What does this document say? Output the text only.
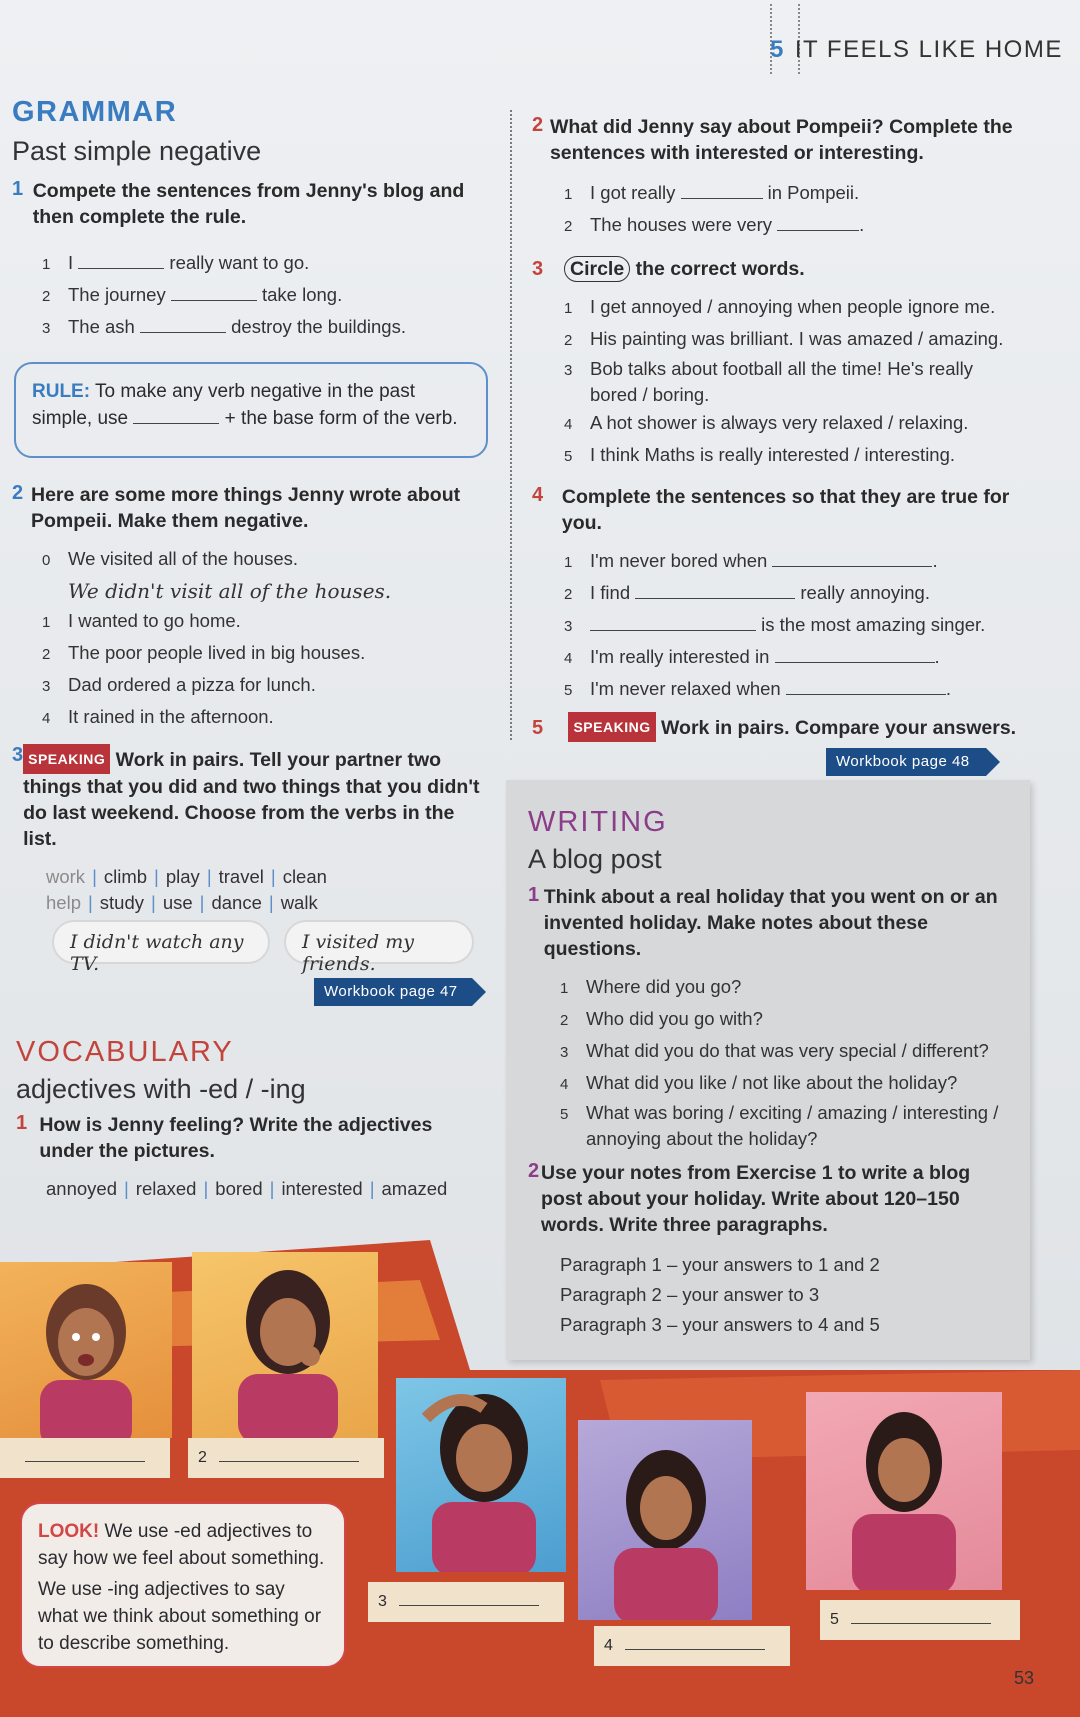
5 IT FEELS LIKE HOME
GRAMMAR
Past simple negative
1 Compete the sentences from Jenny's blog and then complete the rule.
1 I	really want to go.
2 The journey	take long.
3 The ash	destroy the buildings.
RULE: To make any verb negative in the past simple, use	+ the base form of the verb.
2 Here are some more things Jenny wrote about Pompeii. Make them negative.
0 We visited all of the houses.
We didn't visit all of the houses.
1 I wanted to go home.
2 The poor people lived in big houses.
3 Dad ordered a pizza for lunch.
4 It rained in the afternoon.
3 SPEAKING Work in pairs. Tell your partner two things that you did and two things that you didn't do last weekend. Choose from the verbs in the list.
work | climb | play | travel | clean
help | study | use | dance | walk
I didn't watch any TV.
I visited my friends.
Workbook page 47
VOCABULARY
adjectives with -ed / -ing
1 How is Jenny feeling? Write the adjectives under the pictures.
annoyed | relaxed | bored | interested | amazed
2 What did Jenny say about Pompeii? Complete the sentences with interested or interesting.
1 I got really	in Pompeii.
2 The houses were very	.
3	Circle the correct words.
1 I get annoyed / annoying when people ignore me.
2 His painting was brilliant. I was amazed / amazing.
3 Bob talks about football all the time! He's really bored / boring.
4 A hot shower is always very relaxed / relaxing.
5 I think Maths is really interested / interesting.
4 Complete the sentences so that they are true for you.
1 I'm never bored when	.
2 I find	really annoying.
3	is the most amazing singer.
4 I'm really interested in	.
5 I'm never relaxed when	.
5 SPEAKING Work in pairs. Compare your answers.
Workbook page 48
WRITING
A blog post
1 Think about a real holiday that you went on or an invented holiday. Make notes about these questions.
1 Where did you go?
2 Who did you go with?
3 What did you do that was very special / different?
4 What did you like / not like about the holiday?
5 What was boring / exciting / amazing / interesting / annoying about the holiday?
2 Use your notes from Exercise 1 to write a blog post about your holiday. Write about 120–150 words. Write three paragraphs.
Paragraph 1 – your answers to 1 and 2
Paragraph 2 – your answer to 3
Paragraph 3 – your answers to 4 and 5
2
3
4
5
LOOK! We use -ed adjectives to say how we feel about something.
We use -ing adjectives to say what we think about something or to describe something.
53
